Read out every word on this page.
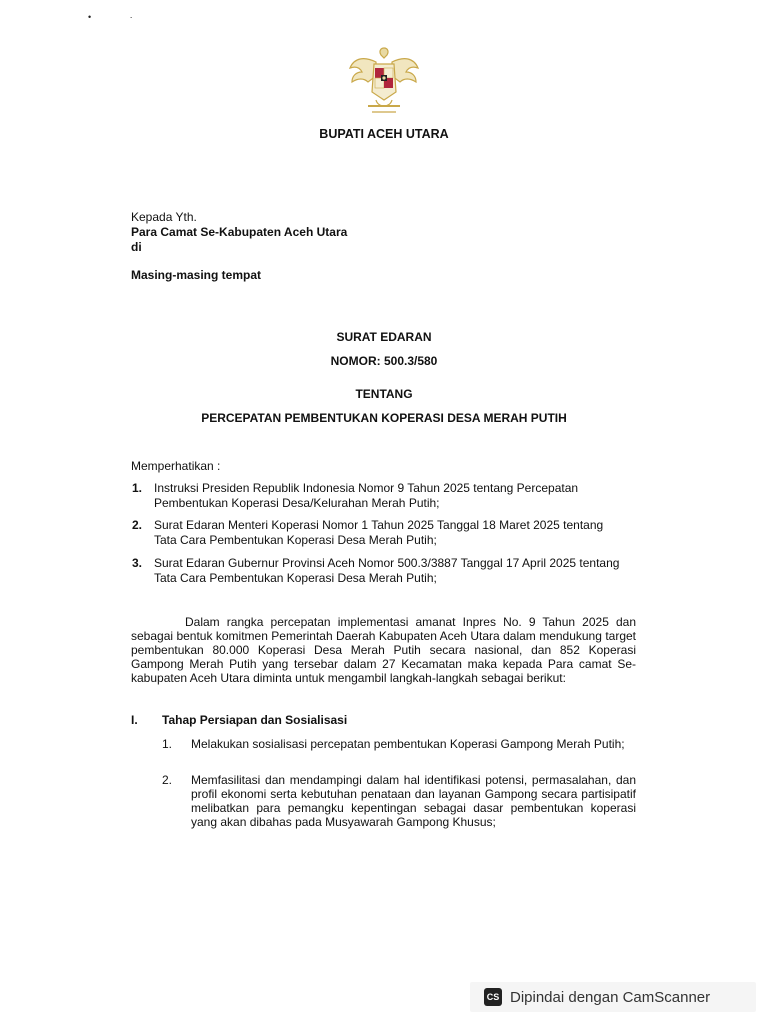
• ·
BUPATI ACEH UTARA
Kepada Yth.
Para Camat Se-Kabupaten Aceh Utara
di
Masing-masing tempat
SURAT EDARAN
NOMOR: 500.3/580
TENTANG
PERCEPATAN PEMBENTUKAN KOPERASI DESA MERAH PUTIH
Memperhatikan :
1. Instruksi Presiden Republik Indonesia Nomor 9 Tahun 2025 tentang Percepatan Pembentukan Koperasi Desa/Kelurahan Merah Putih;
2. Surat Edaran Menteri Koperasi Nomor 1 Tahun 2025 Tanggal 18 Maret 2025 tentang Tata Cara Pembentukan Koperasi Desa Merah Putih;
3. Surat Edaran Gubernur Provinsi Aceh Nomor 500.3/3887 Tanggal 17 April 2025 tentang Tata Cara Pembentukan Koperasi Desa Merah Putih;
Dalam rangka percepatan implementasi amanat Inpres No. 9 Tahun 2025 dan sebagai bentuk komitmen Pemerintah Daerah Kabupaten Aceh Utara dalam mendukung target pembentukan 80.000 Koperasi Desa Merah Putih secara nasional, dan 852 Koperasi Gampong Merah Putih yang tersebar dalam 27 Kecamatan maka kepada Para camat Se-kabupaten Aceh Utara diminta untuk mengambil langkah-langkah sebagai berikut:
I. Tahap Persiapan dan Sosialisasi
1. Melakukan sosialisasi percepatan pembentukan Koperasi Gampong Merah Putih;
2. Memfasilitasi dan mendampingi dalam hal identifikasi potensi, permasalahan, dan profil ekonomi serta kebutuhan penataan dan layanan Gampong secara partisipatif melibatkan para pemangku kepentingan sebagai dasar pembentukan koperasi yang akan dibahas pada Musyawarah Gampong Khusus;
CS Dipindai dengan CamScanner
